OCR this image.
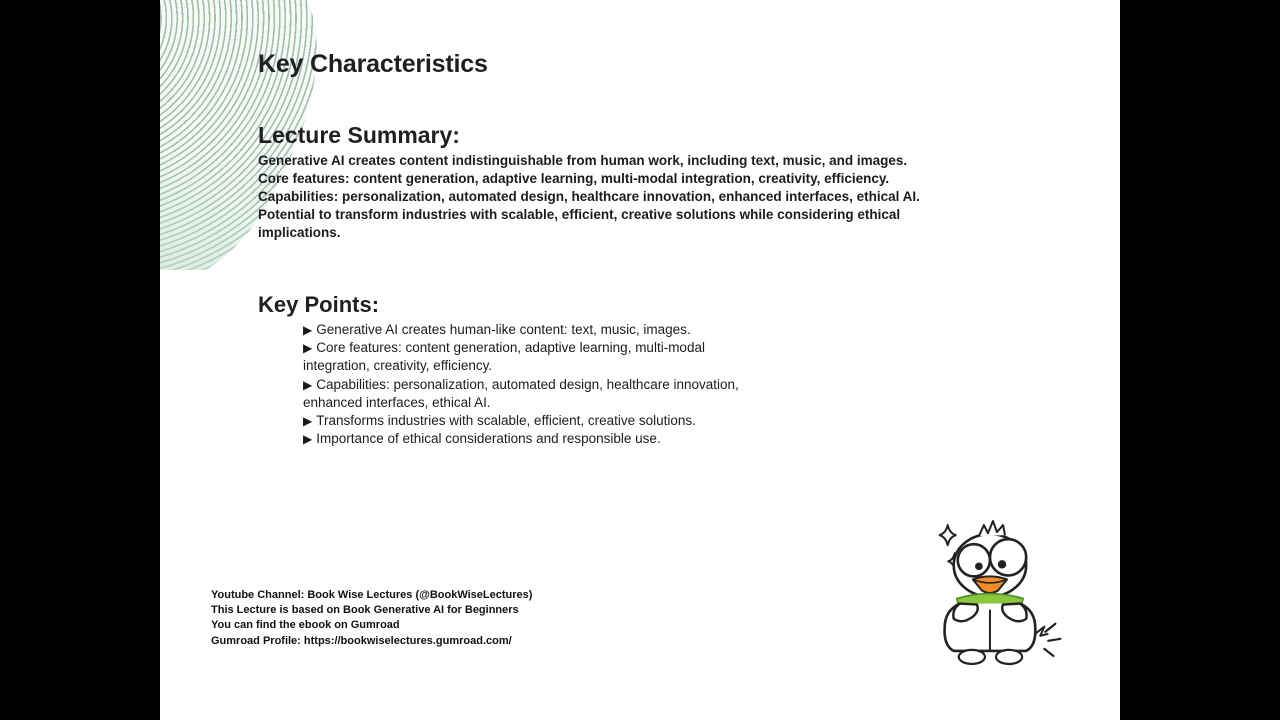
Key Characteristics
Lecture Summary:
Generative AI creates content indistinguishable from human work, including text, music, and images. Core features: content generation, adaptive learning, multi-modal integration, creativity, efficiency. Capabilities: personalization, automated design, healthcare innovation, enhanced interfaces, ethical AI. Potential to transform industries with scalable, efficient, creative solutions while considering ethical implications.
Key Points:
▶ Generative AI creates human-like content: text, music, images.
▶ Core features: content generation, adaptive learning, multi-modal integration, creativity, efficiency.
▶ Capabilities: personalization, automated design, healthcare innovation, enhanced interfaces, ethical AI.
▶ Transforms industries with scalable, efficient, creative solutions.
▶ Importance of ethical considerations and responsible use.
Youtube Channel: Book Wise Lectures (@BookWiseLectures)
This Lecture is based on Book Generative AI for Beginners
You can find the ebook on Gumroad
Gumroad Profile: https://bookwiselectures.gumroad.com/
